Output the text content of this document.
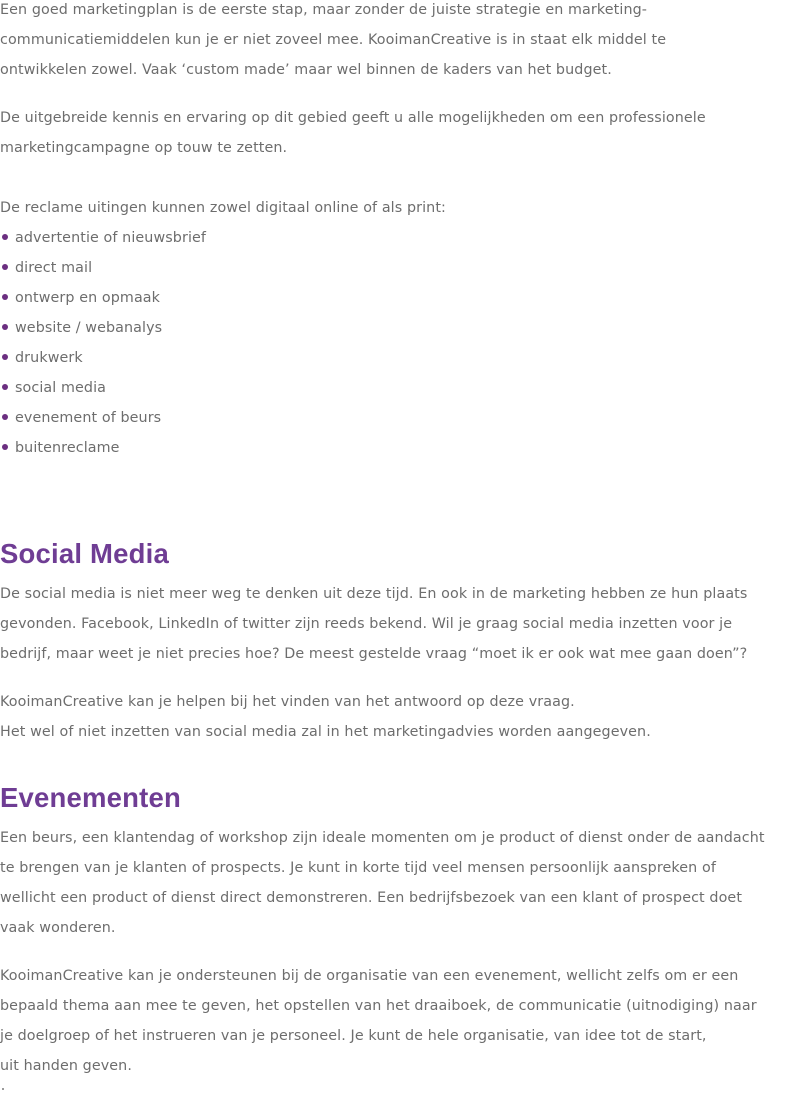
Een goed marketingplan is de eerste stap, maar zonder de juiste strategie en marketing-
communicatiemiddelen kun je er niet zoveel mee. KooimanCreative is in staat elk middel te
ontwikkelen zowel. Vaak ‘custom made’ maar wel binnen de kaders van het budget.
De uitgebreide kennis en ervaring op dit gebied geeft u alle mogelijkheden om een professionele
marketingcampagne op touw te zetten.
De reclame uitingen kunnen zowel digitaal online of als print:
advertentie of nieuwsbrief
direct mail
ontwerp en opmaak
website / webanalys
drukwerk
social media
evenement of beurs
buitenreclame
Social Media
De social media is niet meer weg te denken uit deze tijd. En ook in de marketing hebben ze hun plaats
gevonden. Facebook, LinkedIn of twitter zijn reeds bekend. Wil je graag social media inzetten voor je
bedrijf, maar weet je niet precies hoe? De meest gestelde vraag “moet ik er ook wat mee gaan doen”?
KooimanCreative kan je helpen bij het vinden van het antwoord op deze vraag.
Het wel of niet inzetten van social media zal in het marketingadvies worden aangegeven.
Evenementen
Een beurs, een klantendag of workshop zijn ideale momenten om je product of dienst onder de aandacht
te brengen van je klanten of prospects. Je kunt in korte tijd veel mensen persoonlijk aanspreken of
wellicht een product of dienst direct demonstreren. Een bedrijfsbezoek van een klant of prospect doet
vaak wonderen.
KooimanCreative kan je ondersteunen bij de organisatie van een evenement, wellicht zelfs om er een
bepaald thema aan mee te geven, het opstellen van het draaiboek, de communicatie (uitnodiging) naar
je doelgroep of het instrueren van je personeel. Je kunt de hele organisatie, van idee tot de start,
uit handen geven.
